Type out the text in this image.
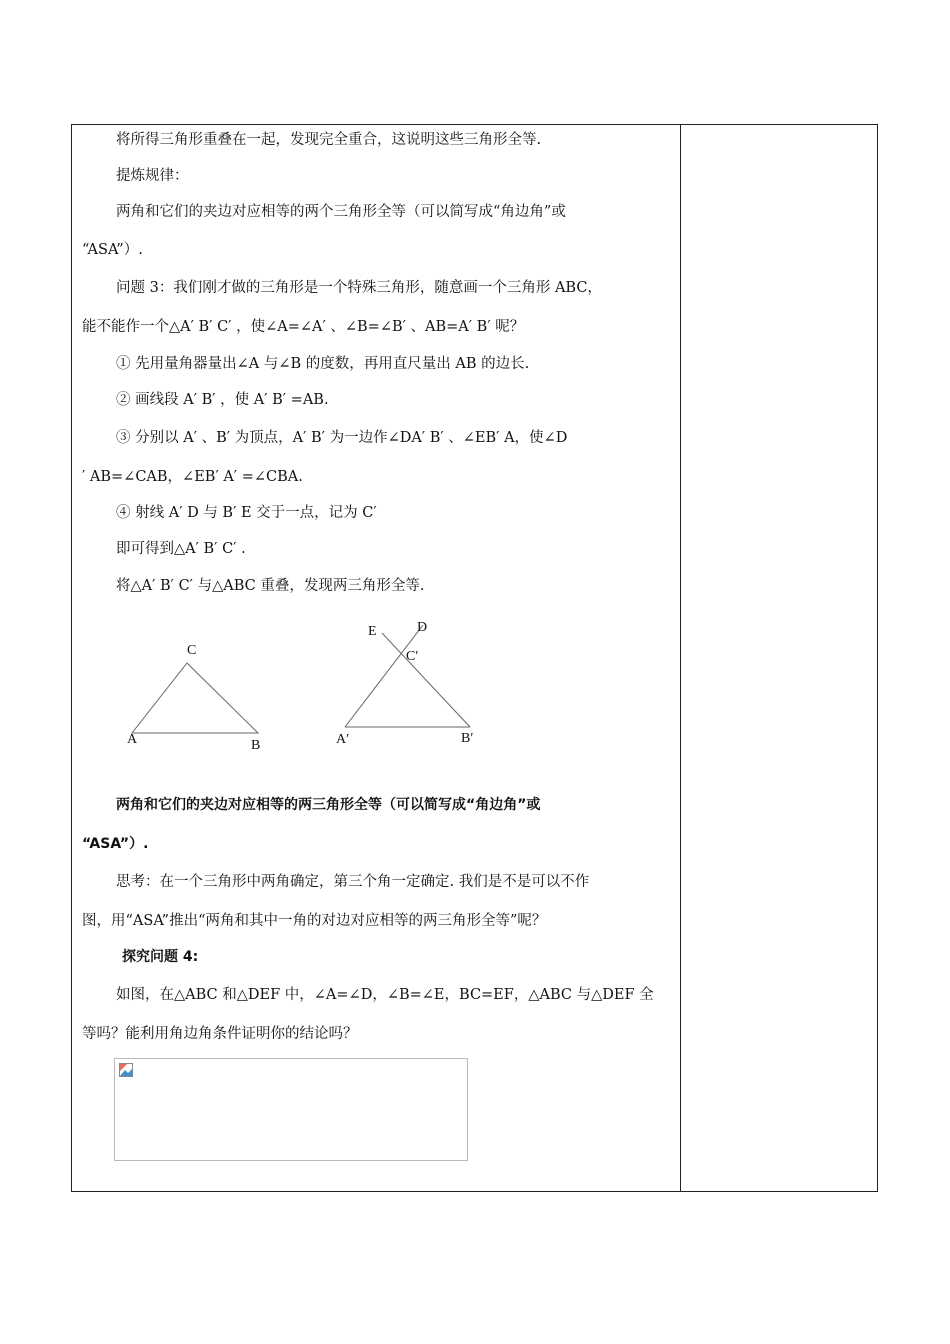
将所得三角形重叠在一起，发现完全重合，这说明这些三角形全等.
提炼规律：
两角和它们的夹边对应相等的两个三角形全等（可以简写成“角边角”或
“ASA”）.
问题 3：我们刚才做的三角形是一个特殊三角形，随意画一个三角形 ABC，
能不能作一个△A′ B′ C′ ，使∠A=∠A′ 、∠B=∠B′ 、AB=A′ B′ 呢？
① 先用量角器量出∠A 与∠B 的度数，再用直尺量出 AB 的边长.
② 画线段 A′ B′ ，使 A′ B′ =AB.
③ 分别以 A′ 、B′ 为顶点，A′ B′ 为一边作∠DA′ B′ 、∠EB′ A，使∠D
′ AB=∠CAB，∠EB′ A′ =∠CBA.
④ 射线 A′ D 与 B′ E 交于一点，记为 C′
即可得到△A′ B′ C′ .
将△A′ B′ C′ 与△ABC 重叠，发现两三角形全等.
C
A	B
E	D
C′
A′	B′
两角和它们的夹边对应相等的两三角形全等（可以简写成“角边角”或
“ASA”）.
思考：在一个三角形中两角确定，第三个角一定确定. 我们是不是可以不作
图，用“ASA”推出“两角和其中一角的对边对应相等的两三角形全等”呢？
探究问题 4:
如图，在△ABC 和△DEF 中，∠A=∠D，∠B=∠E，BC=EF，△ABC 与△DEF 全
等吗？能利用角边角条件证明你的结论吗？
